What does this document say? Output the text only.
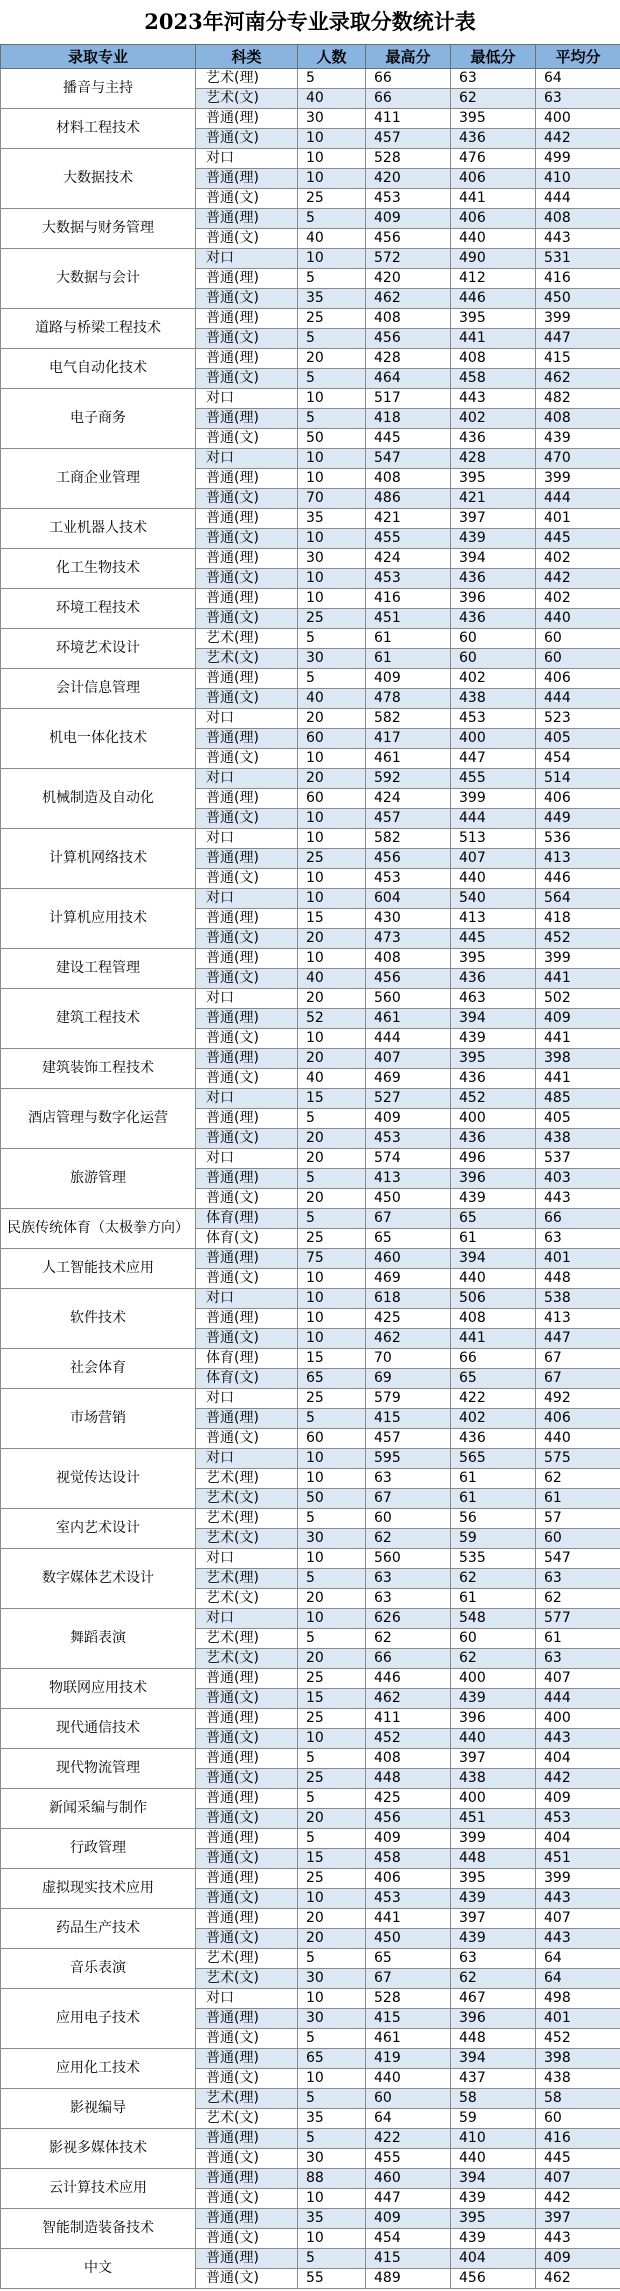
2023年河南分专业录取分数统计表
录取专业	科类	人数	最高分	最低分	平均分
播音与主持	艺术(理)	5	66	63	64
	艺术(文)	40	66	62	63
材料工程技术	普通(理)	30	411	395	400
	普通(文)	10	457	436	442
大数据技术	对口	10	528	476	499
	普通(理)	10	420	406	410
	普通(文)	25	453	441	444
大数据与财务管理	普通(理)	5	409	406	408
	普通(文)	40	456	440	443
大数据与会计	对口	10	572	490	531
	普通(理)	5	420	412	416
	普通(文)	35	462	446	450
道路与桥梁工程技术	普通(理)	25	408	395	399
	普通(文)	5	456	441	447
电气自动化技术	普通(理)	20	428	408	415
	普通(文)	5	464	458	462
电子商务	对口	10	517	443	482
	普通(理)	5	418	402	408
	普通(文)	50	445	436	439
工商企业管理	对口	10	547	428	470
	普通(理)	10	408	395	399
	普通(文)	70	486	421	444
工业机器人技术	普通(理)	35	421	397	401
	普通(文)	10	455	439	445
化工生物技术	普通(理)	30	424	394	402
	普通(文)	10	453	436	442
环境工程技术	普通(理)	10	416	396	402
	普通(文)	25	451	436	440
环境艺术设计	艺术(理)	5	61	60	60
	艺术(文)	30	61	60	60
会计信息管理	普通(理)	5	409	402	406
	普通(文)	40	478	438	444
机电一体化技术	对口	20	582	453	523
	普通(理)	60	417	400	405
	普通(文)	10	461	447	454
机械制造及自动化	对口	20	592	455	514
	普通(理)	60	424	399	406
	普通(文)	10	457	444	449
计算机网络技术	对口	10	582	513	536
	普通(理)	25	456	407	413
	普通(文)	10	453	440	446
计算机应用技术	对口	10	604	540	564
	普通(理)	15	430	413	418
	普通(文)	20	473	445	452
建设工程管理	普通(理)	10	408	395	399
	普通(文)	40	456	436	441
建筑工程技术	对口	20	560	463	502
	普通(理)	52	461	394	409
	普通(文)	10	444	439	441
建筑装饰工程技术	普通(理)	20	407	395	398
	普通(文)	40	469	436	441
酒店管理与数字化运营	对口	15	527	452	485
	普通(理)	5	409	400	405
	普通(文)	20	453	436	438
旅游管理	对口	20	574	496	537
	普通(理)	5	413	396	403
	普通(文)	20	450	439	443
民族传统体育（太极拳方向）	体育(理)	5	67	65	66
	体育(文)	25	65	61	63
人工智能技术应用	普通(理)	75	460	394	401
	普通(文)	10	469	440	448
软件技术	对口	10	618	506	538
	普通(理)	10	425	408	413
	普通(文)	10	462	441	447
社会体育	体育(理)	15	70	66	67
	体育(文)	65	69	65	67
市场营销	对口	25	579	422	492
	普通(理)	5	415	402	406
	普通(文)	60	457	436	440
视觉传达设计	对口	10	595	565	575
	艺术(理)	10	63	61	62
	艺术(文)	50	67	61	61
室内艺术设计	艺术(理)	5	60	56	57
	艺术(文)	30	62	59	60
数字媒体艺术设计	对口	10	560	535	547
	艺术(理)	5	63	62	63
	艺术(文)	20	63	61	62
舞蹈表演	对口	10	626	548	577
	艺术(理)	5	62	60	61
	艺术(文)	20	66	62	63
物联网应用技术	普通(理)	25	446	400	407
	普通(文)	15	462	439	444
现代通信技术	普通(理)	25	411	396	400
	普通(文)	10	452	440	443
现代物流管理	普通(理)	5	408	397	404
	普通(文)	25	448	438	442
新闻采编与制作	普通(理)	5	425	400	409
	普通(文)	20	456	451	453
行政管理	普通(理)	5	409	399	404
	普通(文)	15	458	448	451
虚拟现实技术应用	普通(理)	25	406	395	399
	普通(文)	10	453	439	443
药品生产技术	普通(理)	20	441	397	407
	普通(文)	20	450	439	443
音乐表演	艺术(理)	5	65	63	64
	艺术(文)	30	67	62	64
应用电子技术	对口	10	528	467	498
	普通(理)	30	415	396	401
	普通(文)	5	461	448	452
应用化工技术	普通(理)	65	419	394	398
	普通(文)	10	440	437	438
影视编导	艺术(理)	5	60	58	58
	艺术(文)	35	64	59	60
影视多媒体技术	普通(理)	5	422	410	416
	普通(文)	30	455	440	445
云计算技术应用	普通(理)	88	460	394	407
	普通(文)	10	447	439	442
智能制造装备技术	普通(理)	35	409	395	397
	普通(文)	10	454	439	443
中文	普通(理)	5	415	404	409
	普通(文)	55	489	456	462
